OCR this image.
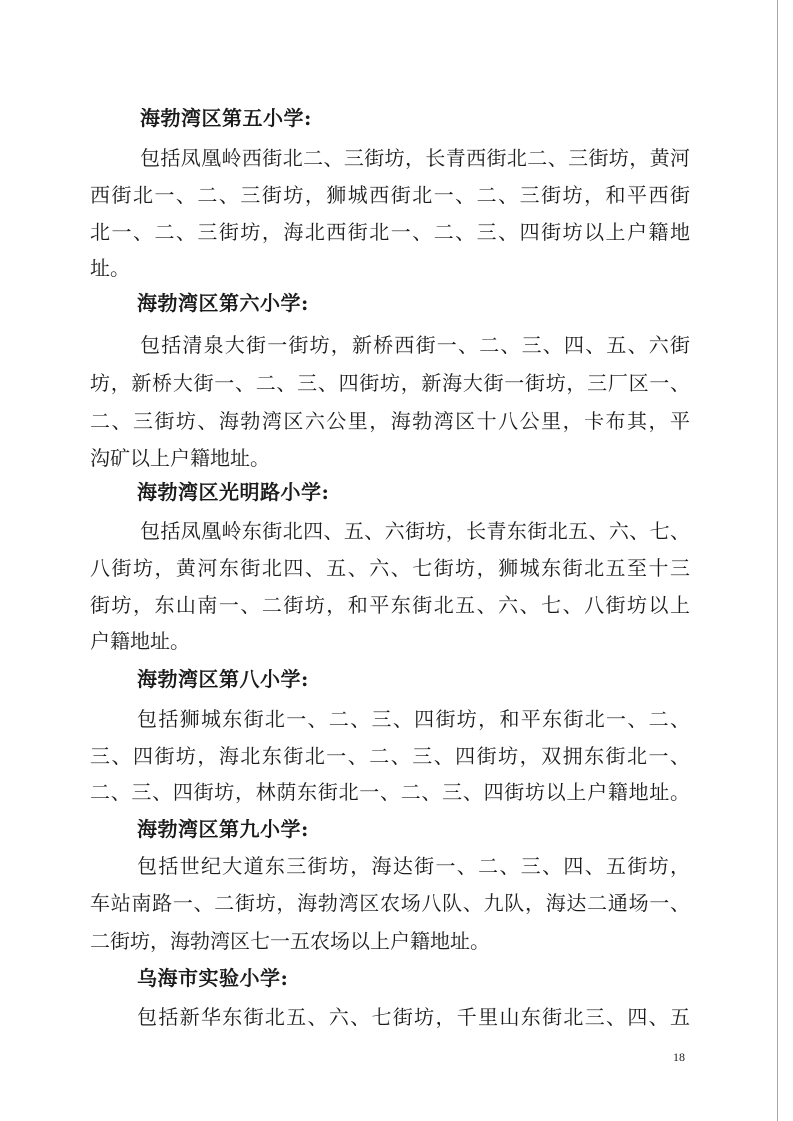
海勃湾区第五小学:
包括凤凰岭西街北二、三街坊，长青西街北二、三街坊，黄河
西街北一、二、三街坊，狮城西街北一、二、三街坊，和平西街
北一、二、三街坊，海北西街北一、二、三、四街坊以上户籍地
址。
海勃湾区第六小学:
包括清泉大街一街坊，新桥西街一、二、三、四、五、六街
坊，新桥大街一、二、三、四街坊，新海大街一街坊，三厂区一、
二、三街坊、海勃湾区六公里，海勃湾区十八公里，卡布其，平
沟矿以上户籍地址。
海勃湾区光明路小学:
包括凤凰岭东街北四、五、六街坊，长青东街北五、六、七、
八街坊，黄河东街北四、五、六、七街坊，狮城东街北五至十三
街坊，东山南一、二街坊，和平东街北五、六、七、八街坊以上
户籍地址。
海勃湾区第八小学:
包括狮城东街北一、二、三、四街坊，和平东街北一、二、
三、四街坊，海北东街北一、二、三、四街坊，双拥东街北一、
二、三、四街坊，林荫东街北一、二、三、四街坊以上户籍地址。
海勃湾区第九小学:
包括世纪大道东三街坊，海达街一、二、三、四、五街坊，
车站南路一、二街坊，海勃湾区农场八队、九队，海达二通场一、
二街坊，海勃湾区七一五农场以上户籍地址。
乌海市实验小学:
包括新华东街北五、六、七街坊，千里山东街北三、四、五
18
